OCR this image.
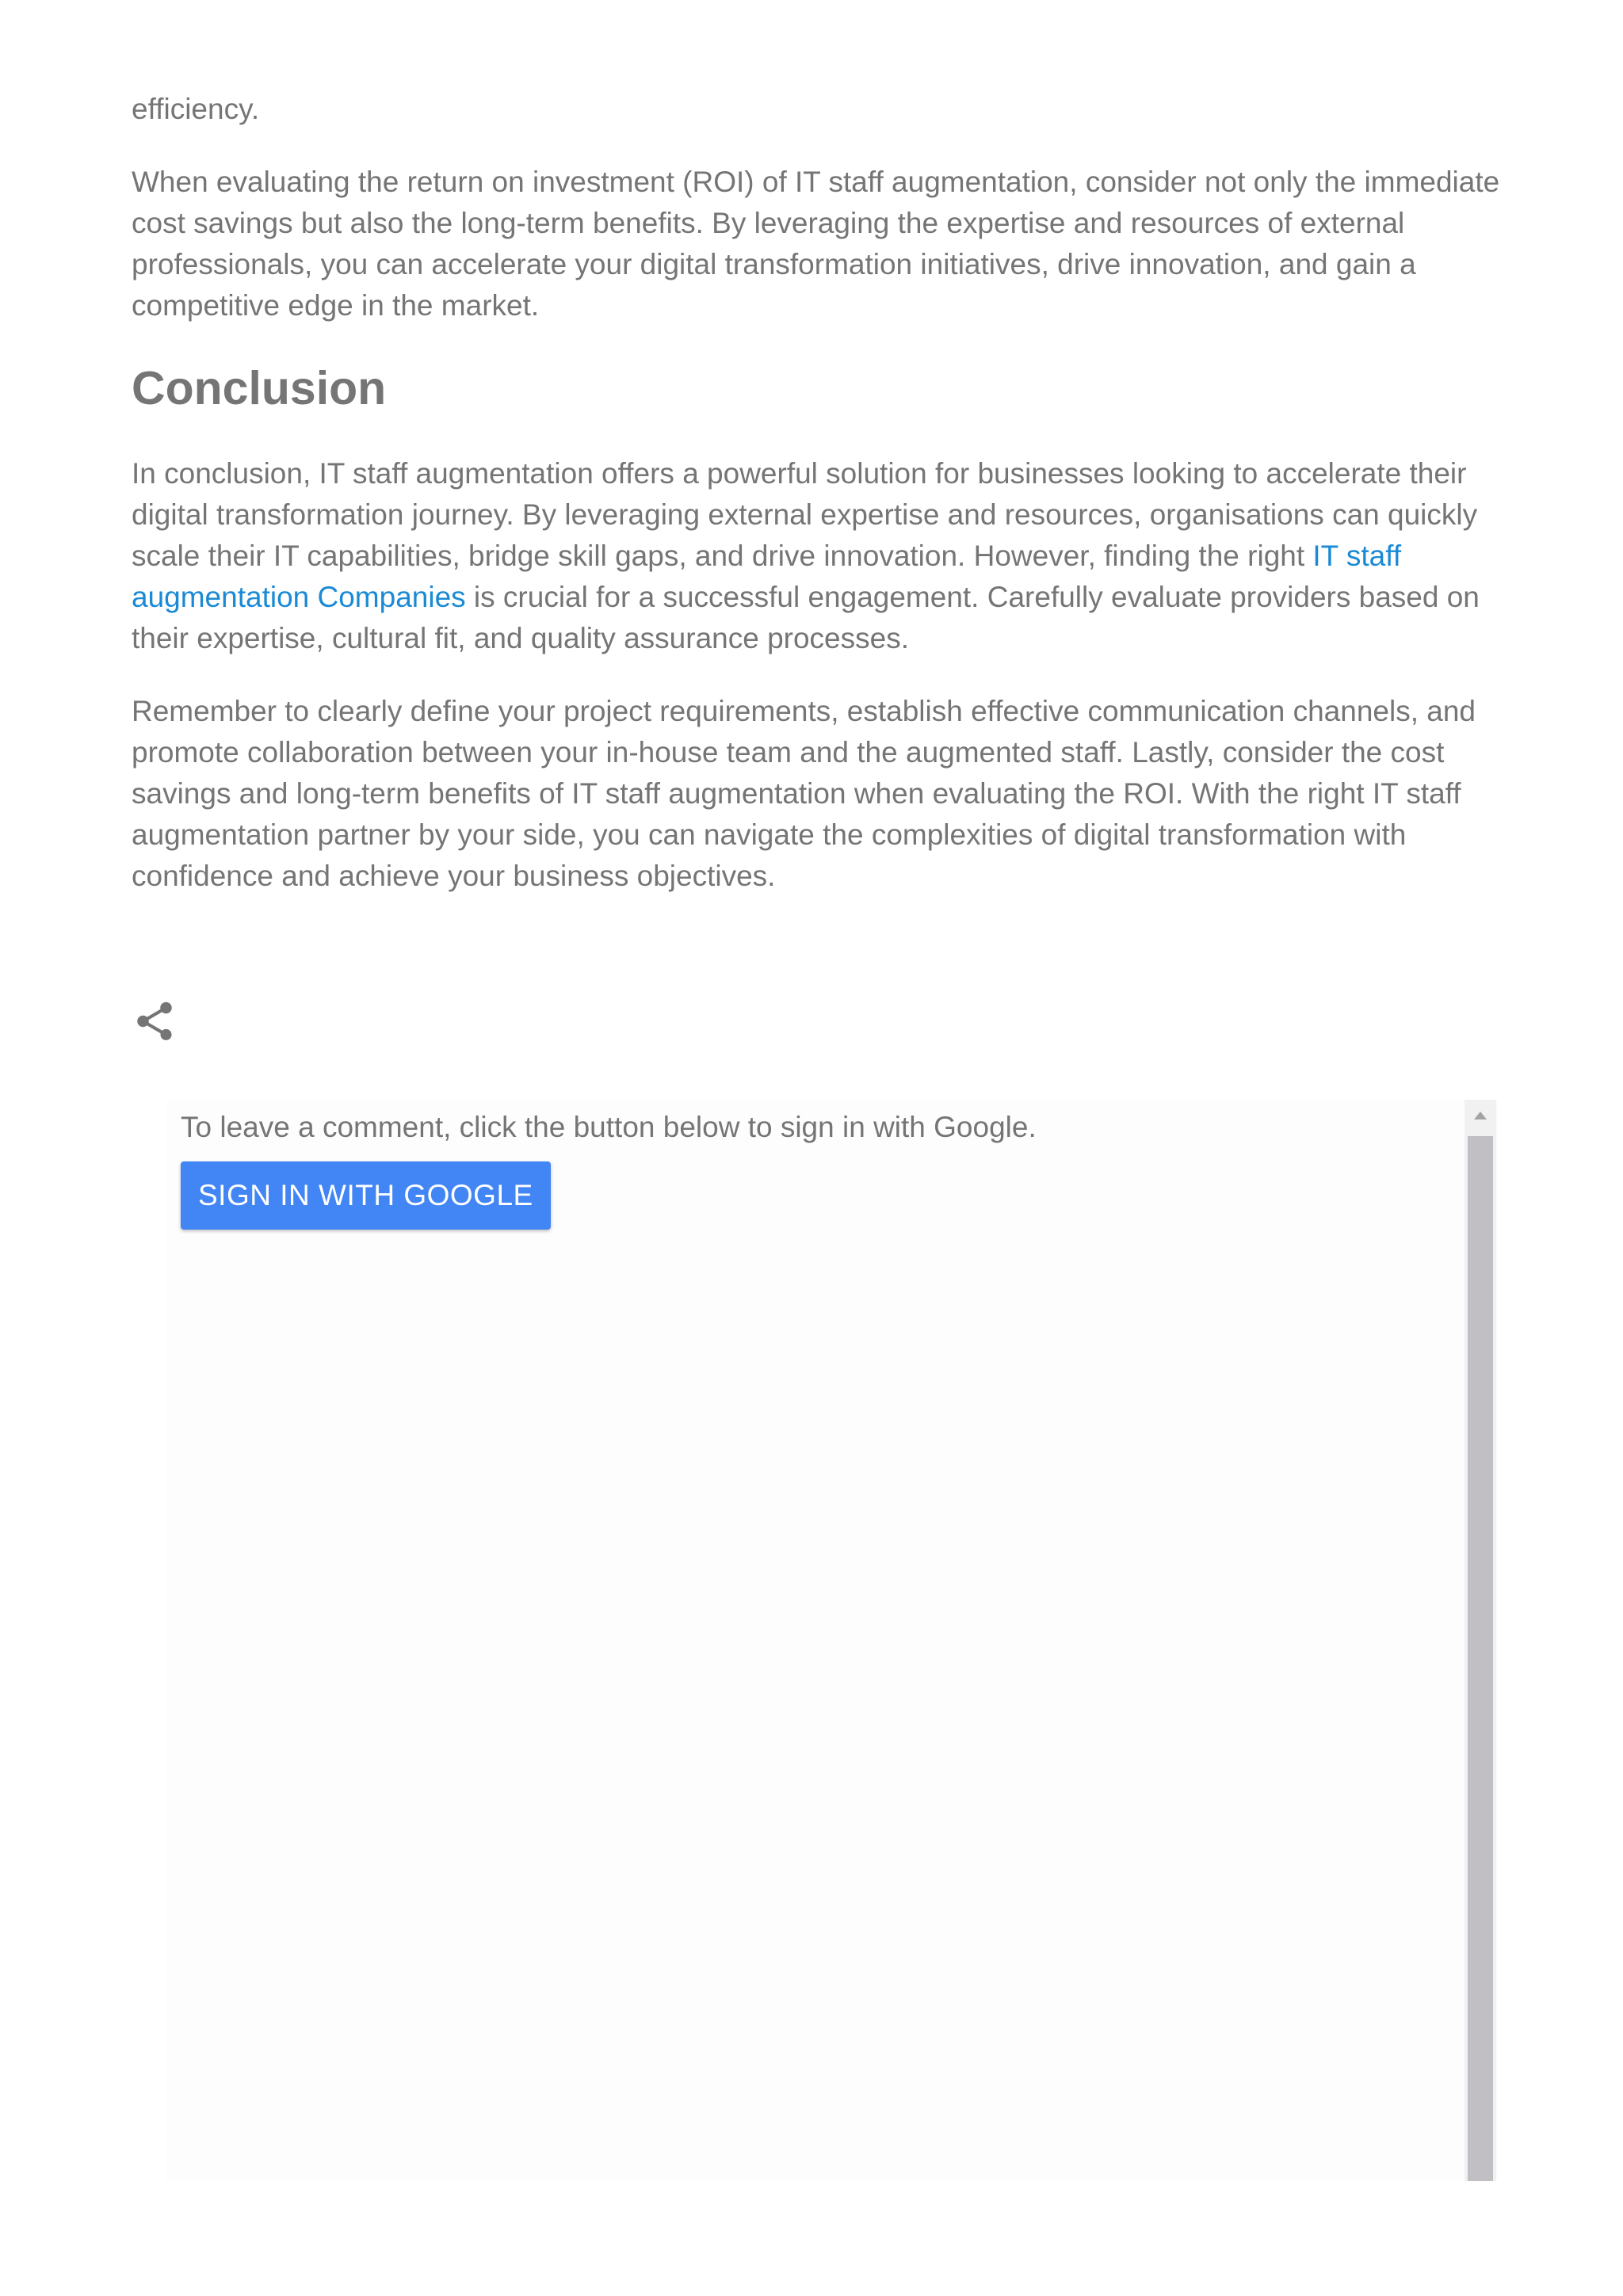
efficiency.

When evaluating the return on investment (ROI) of IT staff augmentation, consider not only the immediate cost savings but also the long-term benefits. By leveraging the expertise and resources of external professionals, you can accelerate your digital transformation initiatives, drive innovation, and gain a competitive edge in the market.

Conclusion

In conclusion, IT staff augmentation offers a powerful solution for businesses looking to accelerate their digital transformation journey. By leveraging external expertise and resources, organisations can quickly scale their IT capabilities, bridge skill gaps, and drive innovation. However, finding the right IT staff augmentation Companies is crucial for a successful engagement. Carefully evaluate providers based on their expertise, cultural fit, and quality assurance processes.

Remember to clearly define your project requirements, establish effective communication channels, and promote collaboration between your in-house team and the augmented staff. Lastly, consider the cost savings and long-term benefits of IT staff augmentation when evaluating the ROI. With the right IT staff augmentation partner by your side, you can navigate the complexities of digital transformation with confidence and achieve your business objectives.

To leave a comment, click the button below to sign in with Google.
SIGN IN WITH GOOGLE
